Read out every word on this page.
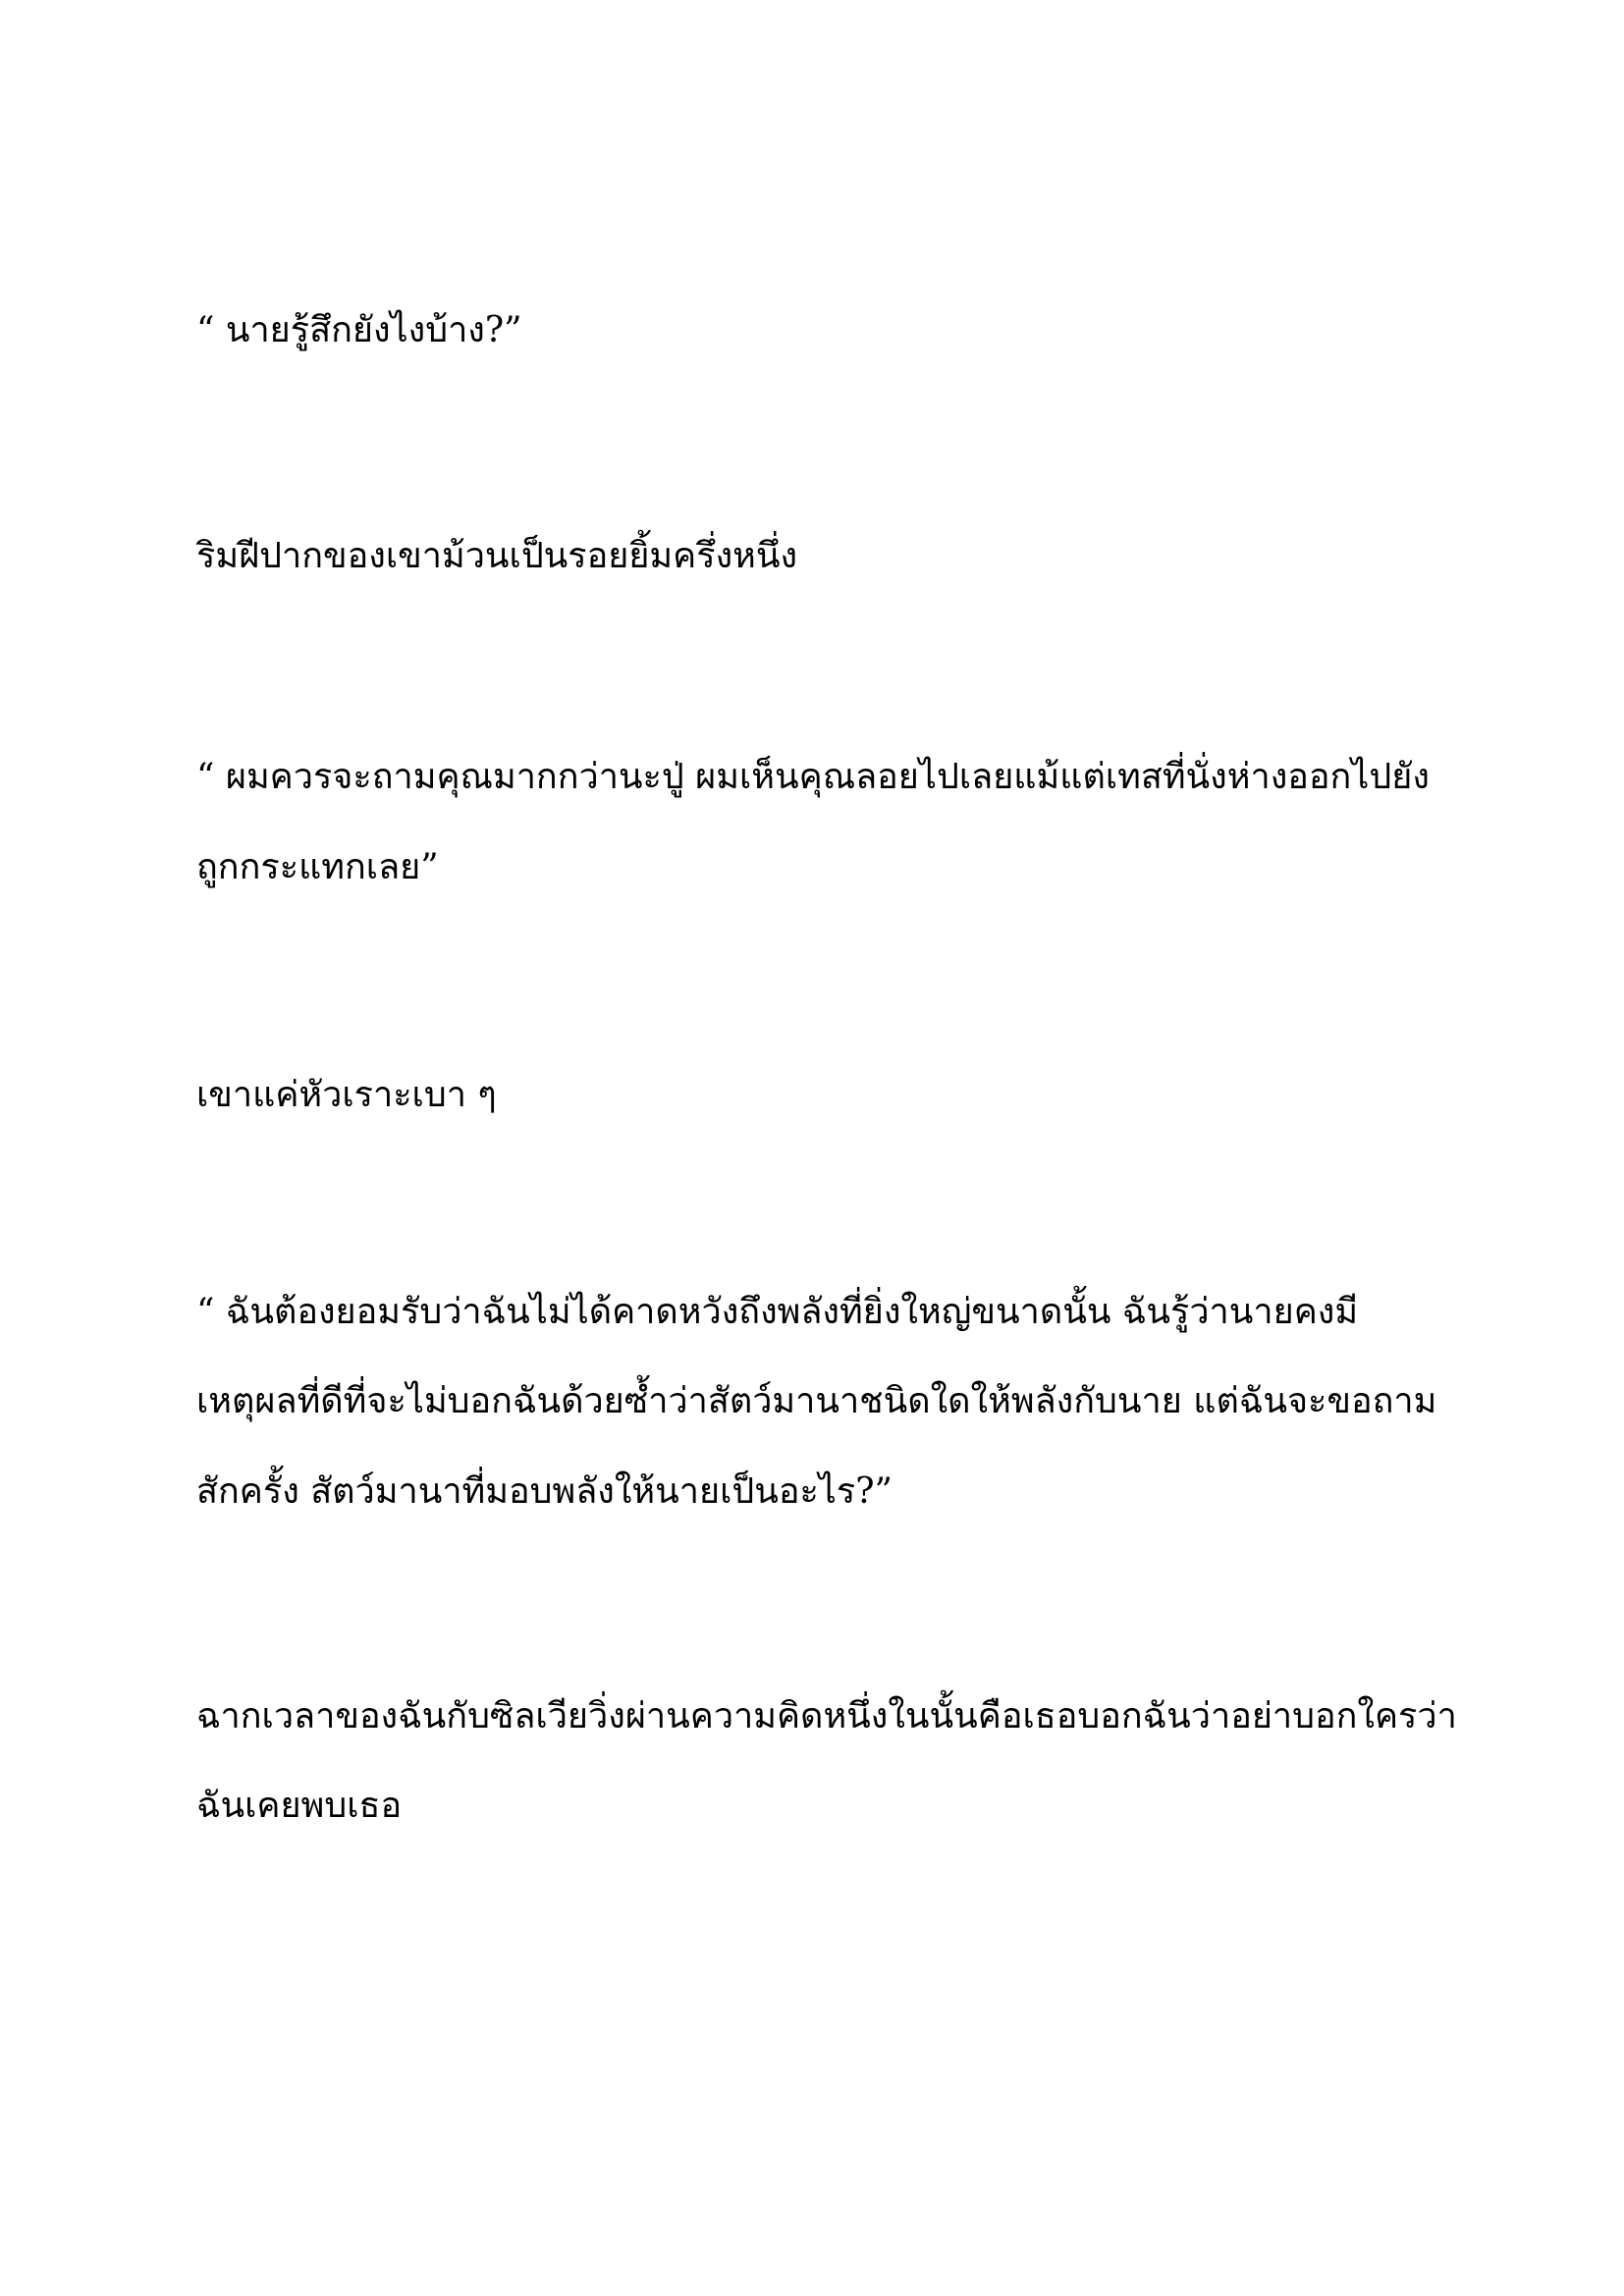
“ นายรู้สึกยังไงบ้าง?”

ริมฝีปากของเขาม้วนเป็นรอยยิ้มครึ่งหนึ่ง

“ ผมควรจะถามคุณมากกว่านะปู่ ผมเห็นคุณลอยไปเลยแม้แต่เทสที่นั่งห่างออกไปยัง

ถูกกระแทกเลย”

เขาแค่หัวเราะเบา ๆ

“ ฉันต้องยอมรับว่าฉันไม่ได้คาดหวังถึงพลังที่ยิ่งใหญ่ขนาดนั้น ฉันรู้ว่านายคงมี

เหตุผลที่ดีที่จะไม่บอกฉันด้วยซ้ำว่าสัตว์มานาชนิดใดให้พลังกับนาย แต่ฉันจะขอถาม

สักครั้ง สัตว์มานาที่มอบพลังให้นายเป็นอะไร?”

ฉากเวลาของฉันกับซิลเวียวิ่งผ่านความคิดหนึ่งในนั้นคือเธอบอกฉันว่าอย่าบอกใครว่า

ฉันเคยพบเธอ
